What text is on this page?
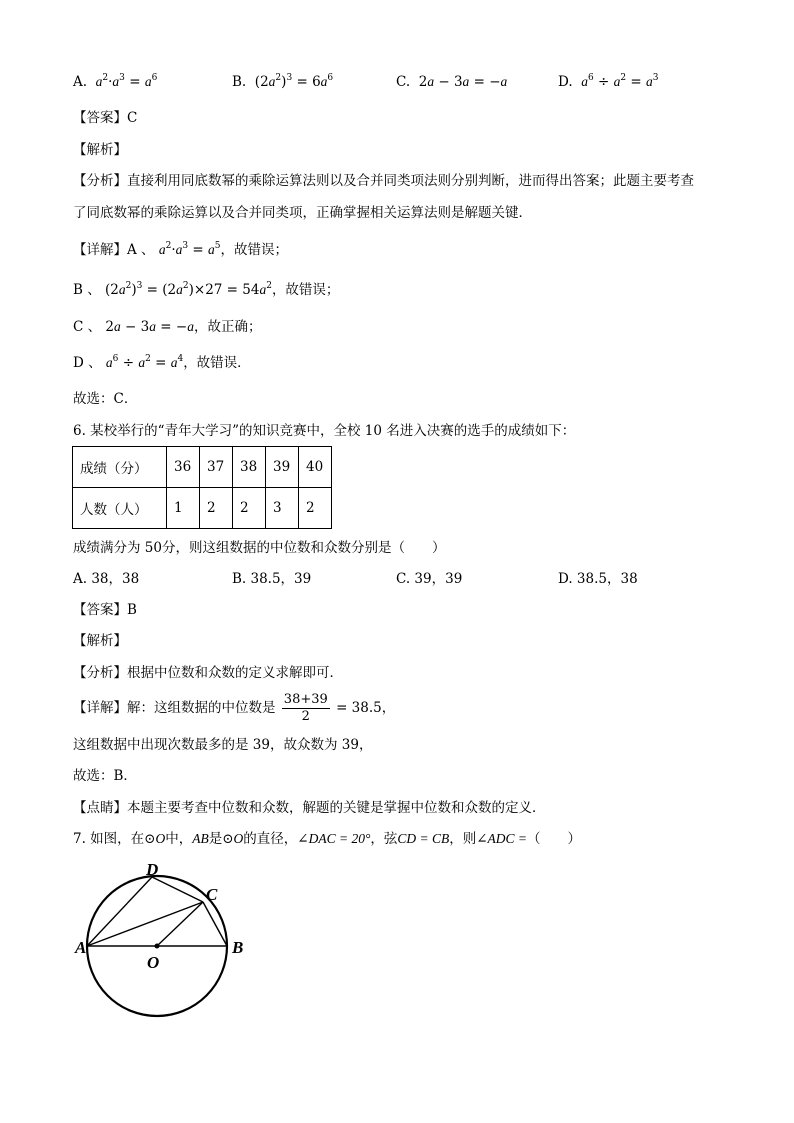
A. $a^2\cdot a^3 = a^6$	B.  $(2a^2)^3 = 6a^6$	C.  2a − 3a = −a	D. $a^6 \div a^2 = a^3$
【答案】C
【解析】
【分析】直接利用同底数幂的乘除运算法则以及合并同类项法则分别判断，进而得出答案；此题主要考查
了同底数幂的乘除运算以及合并同类项，正确掌握相关运算法则是解题关键．
【详解】A 、 $a^2\cdot a^3 = a^5$，故错误；
B 、 $(2a^2)^3 = (2a^2)\times 27 = 54a^2$，故错误；
C 、 2a − 3a = −a，故正确；
D 、 $a^6 \div a^2 = a^4$，故错误．
故选：C．
6. 某校举行的“青年大学习”的知识竞赛中，全校 10 名进入决赛的选手的成绩如下：
成绩（分）	36	37	38	39	40
人数（人）	1	2	2	3	2
成绩满分为 50分，则这组数据的中位数和众数分别是（　　）
A. 38，38	B. 38.5，39	C. 39，39	D. 38.5，38
【答案】B
【解析】
【分析】根据中位数和众数的定义求解即可．
【详解】解：这组数据的中位数是 $\frac{38+39}{2} = 38.5$，
这组数据中出现次数最多的是 39，故众数为 39，
故选：B．
【点睛】本题主要考查中位数和众数，解题的关键是掌握中位数和众数的定义．
7. 如图，在⊙O中，AB是⊙O的直径，∠DAC = 20°，弦CD = CB，则∠ADC =（　　）
A	B
C
D
O
